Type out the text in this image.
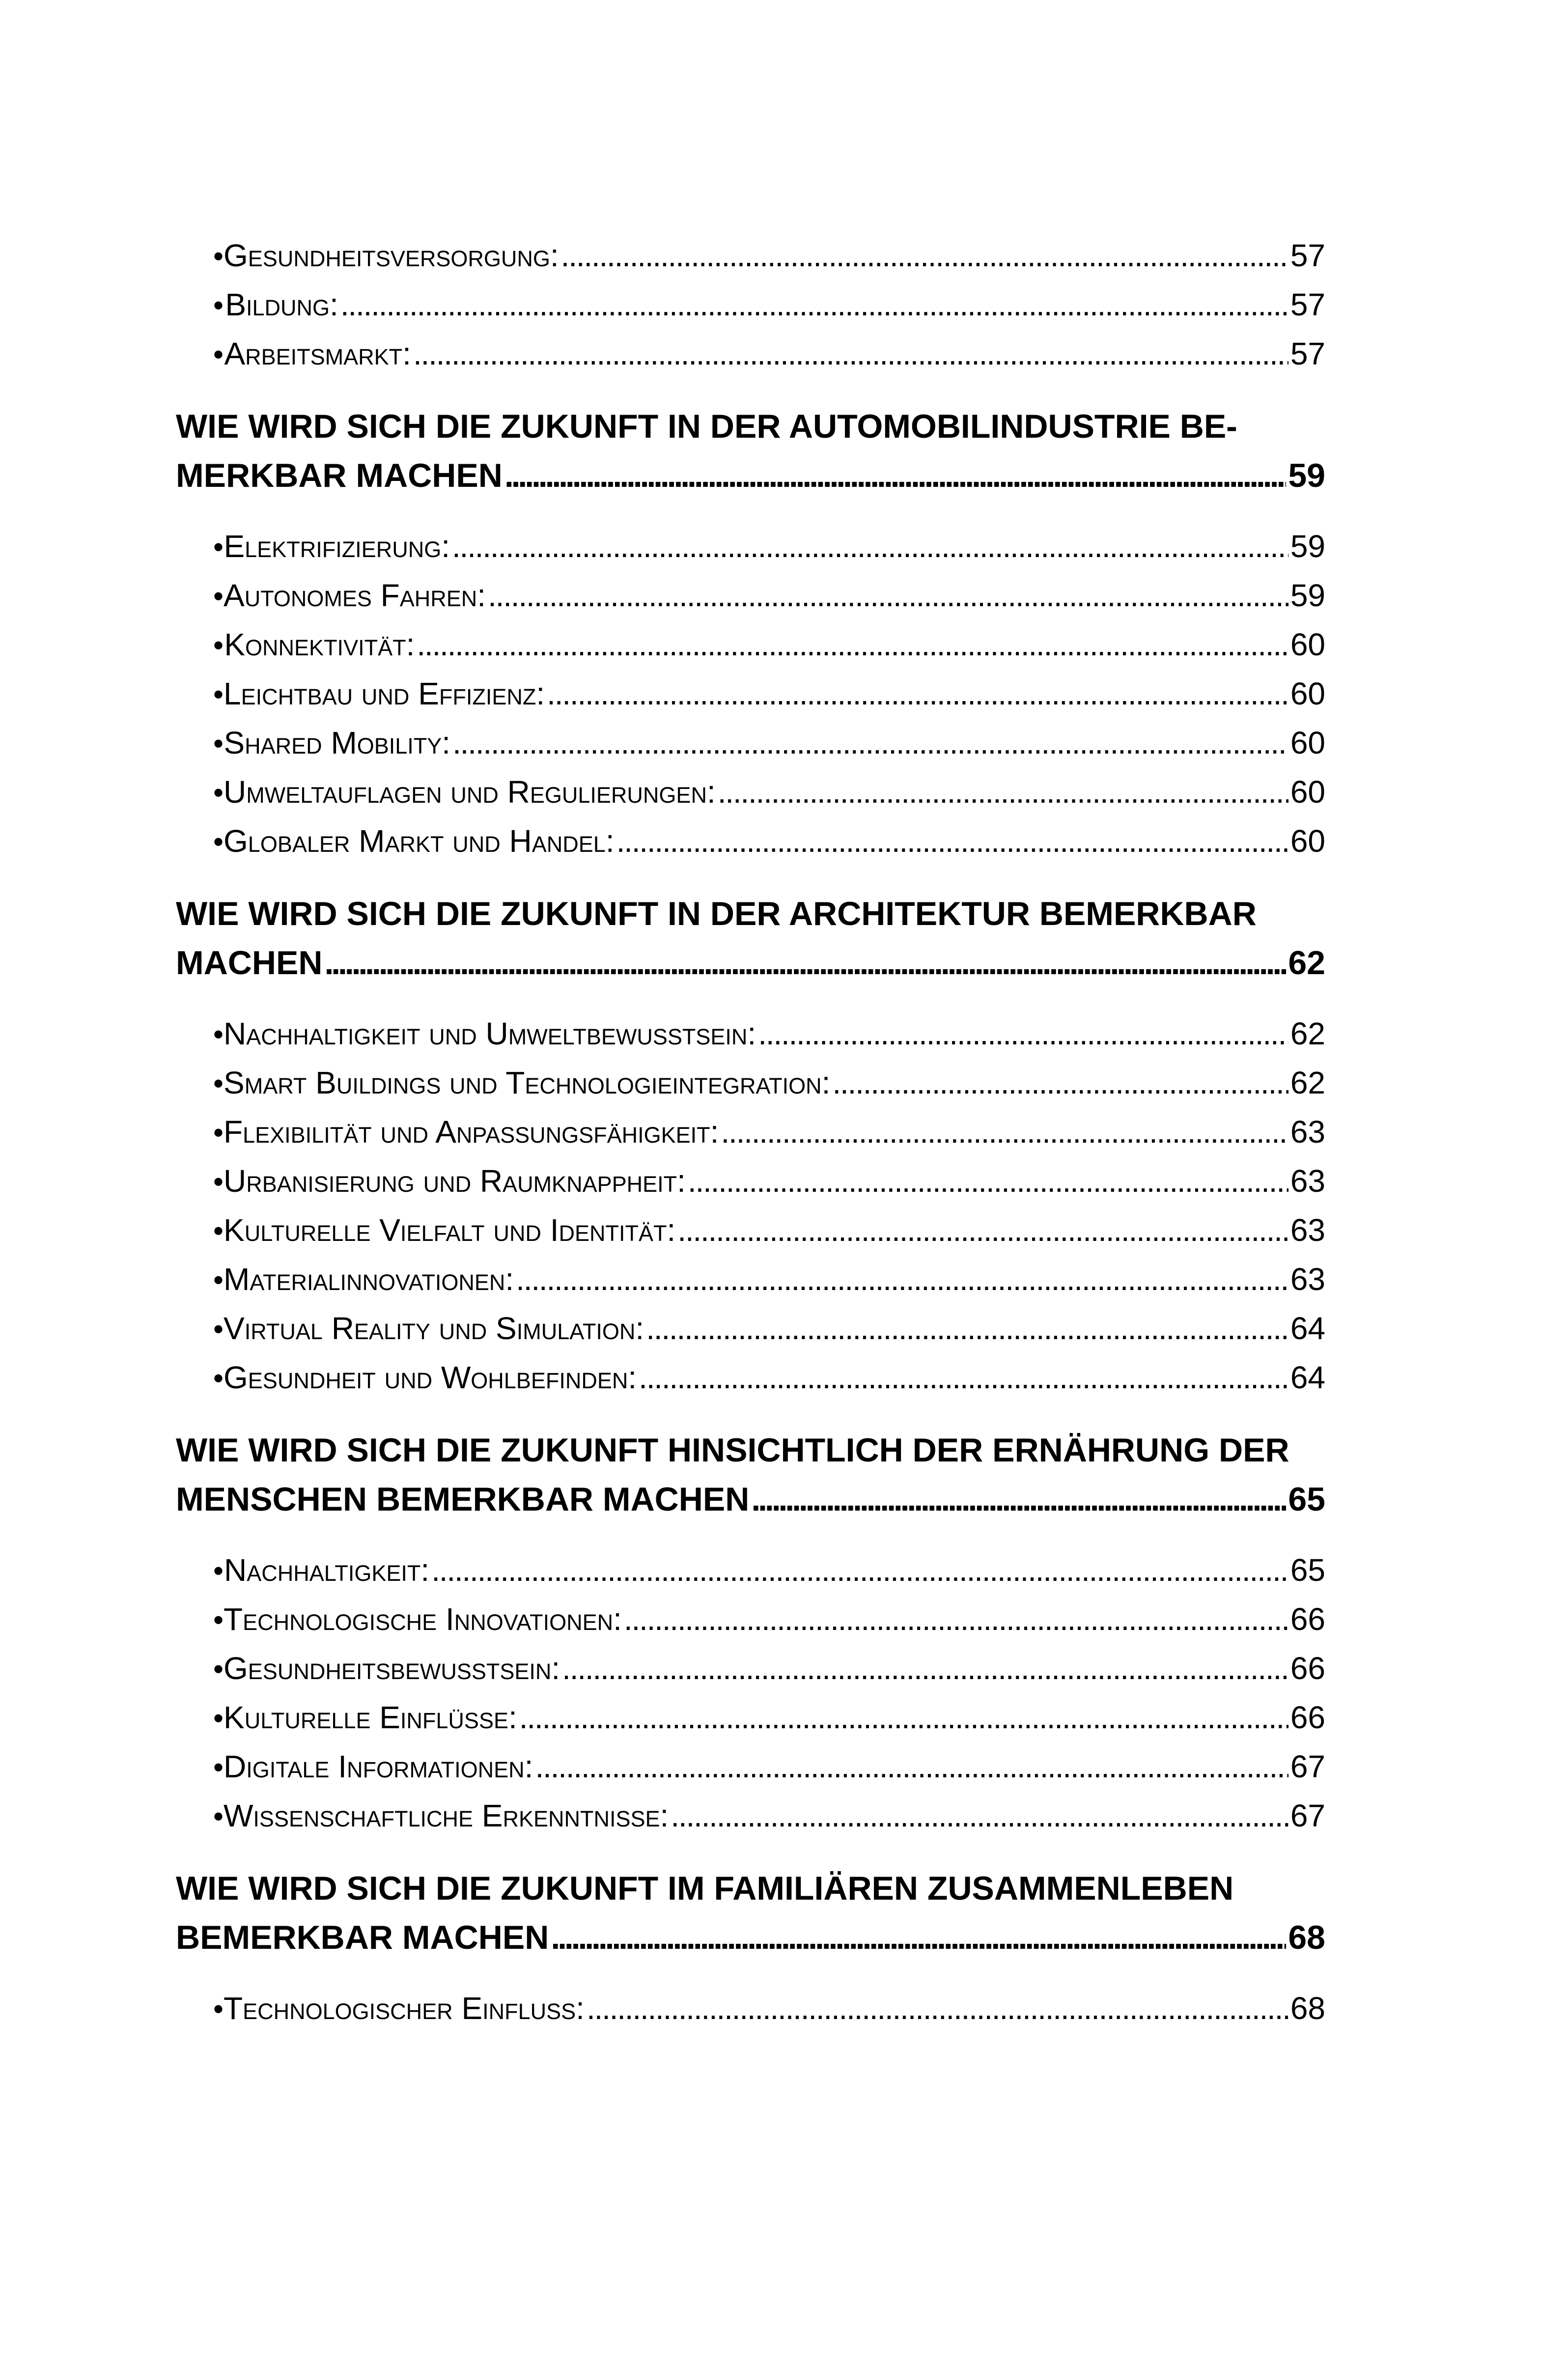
• Gesundheitsversorgung: . . .	57
• Bildung: . . .	57
• Arbeitsmarkt: . . .	57
WIE WIRD SICH DIE ZUKUNFT IN DER AUTOMOBILINDUSTRIE BE-
MERKBAR MACHEN . . .	59
• Elektrifizierung: . . .	59
• Autonomes Fahren: . . .	59
• Konnektivität: . . .	60
• Leichtbau und Effizienz: . . .	60
• Shared Mobility: . . .	60
• Umweltauflagen und Regulierungen: . . .	60
• Globaler Markt und Handel: . . .	60
WIE WIRD SICH DIE ZUKUNFT IN DER ARCHITEKTUR BEMERKBAR
MACHEN . . .	62
• Nachhaltigkeit und Umweltbewusstsein: . . .	62
• Smart Buildings und Technologieintegration: . . .	62
• Flexibilität und Anpassungsfähigkeit: . . .	63
• Urbanisierung und Raumknappheit: . . .	63
• Kulturelle Vielfalt und Identität: . . .	63
• Materialinnovationen: . . .	63
• Virtual Reality und Simulation: . . .	64
• Gesundheit und Wohlbefinden: . . .	64
WIE WIRD SICH DIE ZUKUNFT HINSICHTLICH DER ERNÄHRUNG DER
MENSCHEN BEMERKBAR MACHEN . . .	65
• Nachhaltigkeit: . . .	65
• Technologische Innovationen: . . .	66
• Gesundheitsbewusstsein: . . .	66
• Kulturelle Einflüsse: . . .	66
• Digitale Informationen: . . .	67
• Wissenschaftliche Erkenntnisse: . . .	67
WIE WIRD SICH DIE ZUKUNFT IM FAMILIÄREN ZUSAMMENLEBEN
BEMERKBAR MACHEN . . .	68
• Technologischer Einfluss: . . .	68
